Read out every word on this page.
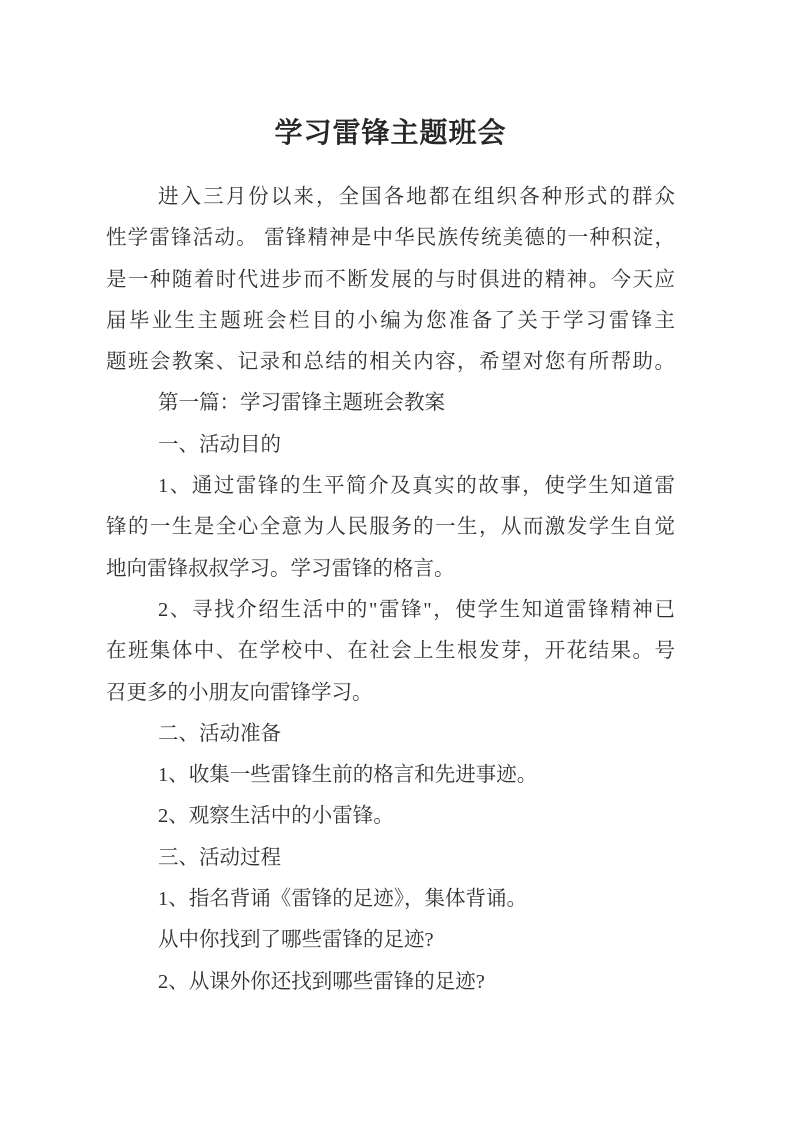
学习雷锋主题班会
进入三月份以来，全国各地都在组织各种形式的群众
性学雷锋活动。 雷锋精神是中华民族传统美德的一种积淀，
是一种随着时代进步而不断发展的与时俱进的精神。今天应
届毕业生主题班会栏目的小编为您准备了关于学习雷锋主
题班会教案、记录和总结的相关内容，希望对您有所帮助。
第一篇：学习雷锋主题班会教案
一、活动目的
1、通过雷锋的生平简介及真实的故事，使学生知道雷
锋的一生是全心全意为人民服务的一生，从而激发学生自觉
地向雷锋叔叔学习。学习雷锋的格言。
2、寻找介绍生活中的"雷锋"，使学生知道雷锋精神已
在班集体中、在学校中、在社会上生根发芽，开花结果。号
召更多的小朋友向雷锋学习。
二、活动准备
1、收集一些雷锋生前的格言和先进事迹。
2、观察生活中的小雷锋。
三、活动过程
1、指名背诵《雷锋的足迹》，集体背诵。
从中你找到了哪些雷锋的足迹?
2、从课外你还找到哪些雷锋的足迹?
